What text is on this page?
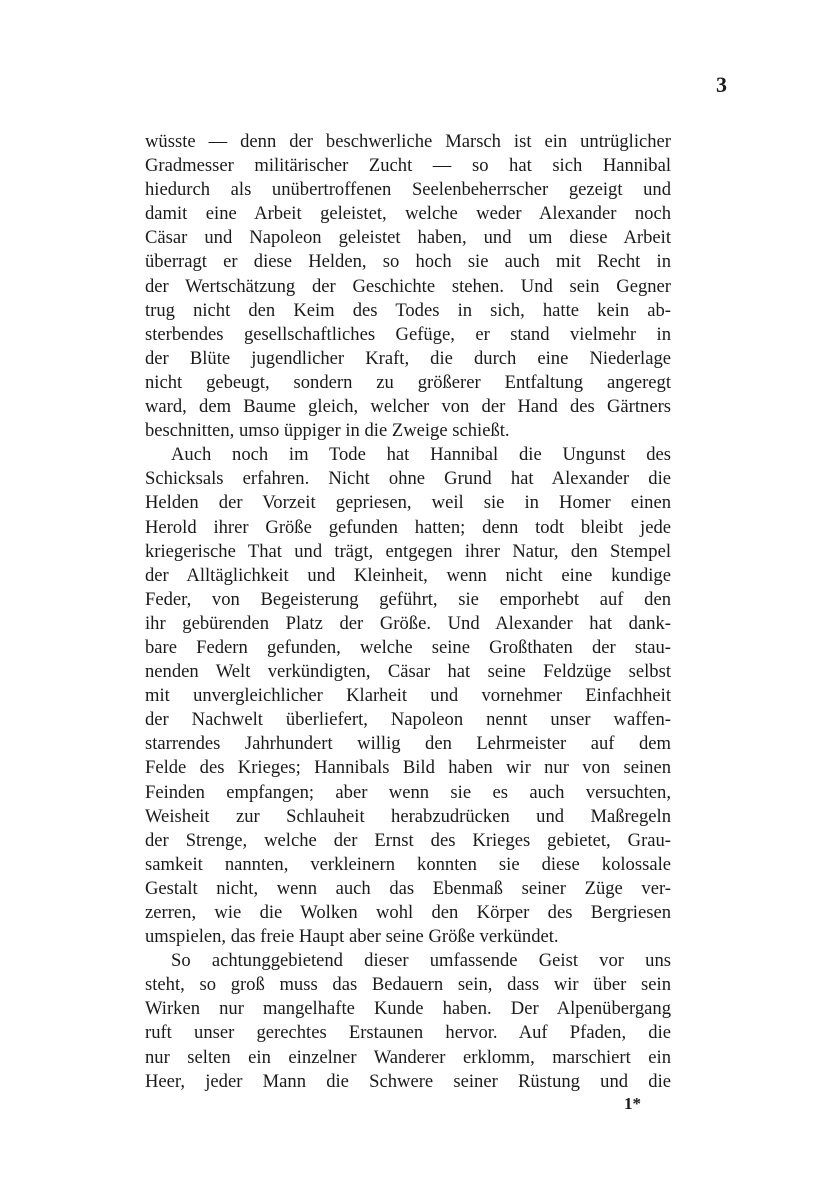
3
wüsste — denn der beschwerliche Marsch ist ein untrüglicher
Gradmesser militärischer Zucht — so hat sich Hannibal
hiedurch als unübertroffenen Seelenbeherrscher gezeigt und
damit eine Arbeit geleistet, welche weder Alexander noch
Cäsar und Napoleon geleistet haben, und um diese Arbeit
überragt er diese Helden, so hoch sie auch mit Recht in
der Wertschätzung der Geschichte stehen. Und sein Gegner
trug nicht den Keim des Todes in sich, hatte kein ab-
sterbendes gesellschaftliches Gefüge, er stand vielmehr in
der Blüte jugendlicher Kraft, die durch eine Niederlage
nicht gebeugt, sondern zu größerer Entfaltung angeregt
ward, dem Baume gleich, welcher von der Hand des Gärtners
beschnitten, umso üppiger in die Zweige schießt.
Auch noch im Tode hat Hannibal die Ungunst des
Schicksals erfahren. Nicht ohne Grund hat Alexander die
Helden der Vorzeit gepriesen, weil sie in Homer einen
Herold ihrer Größe gefunden hatten; denn todt bleibt jede
kriegerische That und trägt, entgegen ihrer Natur, den Stempel
der Alltäglichkeit und Kleinheit, wenn nicht eine kundige
Feder, von Begeisterung geführt, sie emporhebt auf den
ihr gebürenden Platz der Größe. Und Alexander hat dank-
bare Federn gefunden, welche seine Großthaten der stau-
nenden Welt verkündigten, Cäsar hat seine Feldzüge selbst
mit unvergleichlicher Klarheit und vornehmer Einfachheit
der Nachwelt überliefert, Napoleon nennt unser waffen-
starrendes Jahrhundert willig den Lehrmeister auf dem
Felde des Krieges; Hannibals Bild haben wir nur von seinen
Feinden empfangen; aber wenn sie es auch versuchten,
Weisheit zur Schlauheit herabzudrücken und Maßregeln
der Strenge, welche der Ernst des Krieges gebietet, Grau-
samkeit nannten, verkleinern konnten sie diese kolossale
Gestalt nicht, wenn auch das Ebenmaß seiner Züge ver-
zerren, wie die Wolken wohl den Körper des Bergriesen
umspielen, das freie Haupt aber seine Größe verkündet.
So achtunggebietend dieser umfassende Geist vor uns
steht, so groß muss das Bedauern sein, dass wir über sein
Wirken nur mangelhafte Kunde haben. Der Alpenübergang
ruft unser gerechtes Erstaunen hervor. Auf Pfaden, die
nur selten ein einzelner Wanderer erklomm, marschiert ein
Heer, jeder Mann die Schwere seiner Rüstung und die
1*
